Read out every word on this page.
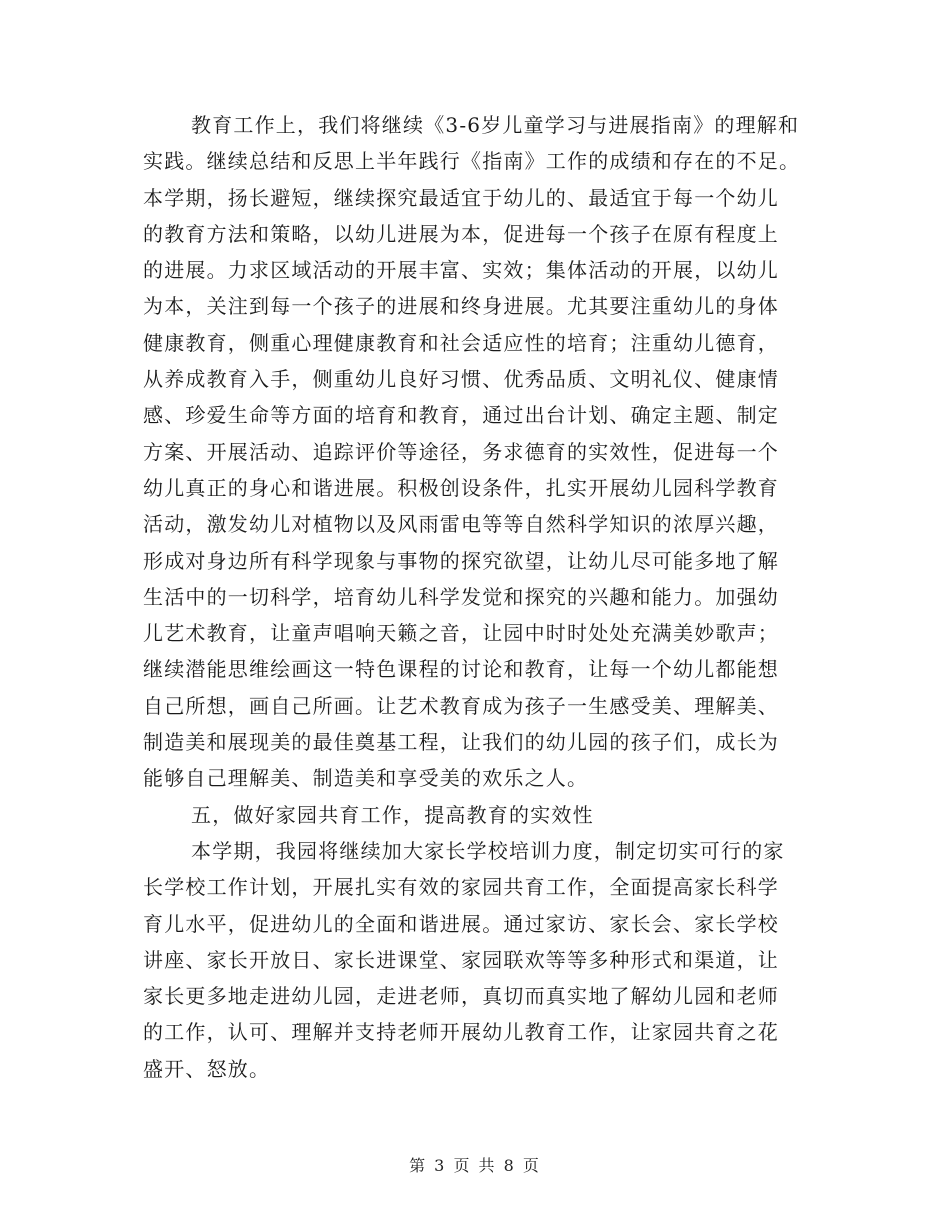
教育工作上，我们将继续《3-6岁儿童学习与进展指南》的理解和
实践。继续总结和反思上半年践行《指南》工作的成绩和存在的不足。
本学期，扬长避短，继续探究最适宜于幼儿的、最适宜于每一个幼儿
的教育方法和策略，以幼儿进展为本，促进每一个孩子在原有程度上
的进展。力求区域活动的开展丰富、实效；集体活动的开展，以幼儿
为本，关注到每一个孩子的进展和终身进展。尤其要注重幼儿的身体
健康教育，侧重心理健康教育和社会适应性的培育；注重幼儿德育，
从养成教育入手，侧重幼儿良好习惯、优秀品质、文明礼仪、健康情
感、珍爱生命等方面的培育和教育，通过出台计划、确定主题、制定
方案、开展活动、追踪评价等途径，务求德育的实效性，促进每一个
幼儿真正的身心和谐进展。积极创设条件，扎实开展幼儿园科学教育
活动，激发幼儿对植物以及风雨雷电等等自然科学知识的浓厚兴趣，
形成对身边所有科学现象与事物的探究欲望，让幼儿尽可能多地了解
生活中的一切科学，培育幼儿科学发觉和探究的兴趣和能力。加强幼
儿艺术教育，让童声唱响天籁之音，让园中时时处处充满美妙歌声；
继续潜能思维绘画这一特色课程的讨论和教育，让每一个幼儿都能想
自己所想，画自己所画。让艺术教育成为孩子一生感受美、理解美、
制造美和展现美的最佳奠基工程，让我们的幼儿园的孩子们，成长为
能够自己理解美、制造美和享受美的欢乐之人。
五，做好家园共育工作，提高教育的实效性
本学期，我园将继续加大家长学校培训力度，制定切实可行的家
长学校工作计划，开展扎实有效的家园共育工作，全面提高家长科学
育儿水平，促进幼儿的全面和谐进展。通过家访、家长会、家长学校
讲座、家长开放日、家长进课堂、家园联欢等等多种形式和渠道，让
家长更多地走进幼儿园，走进老师，真切而真实地了解幼儿园和老师
的工作，认可、理解并支持老师开展幼儿教育工作，让家园共育之花
盛开、怒放。
第 3 页 共 8 页
